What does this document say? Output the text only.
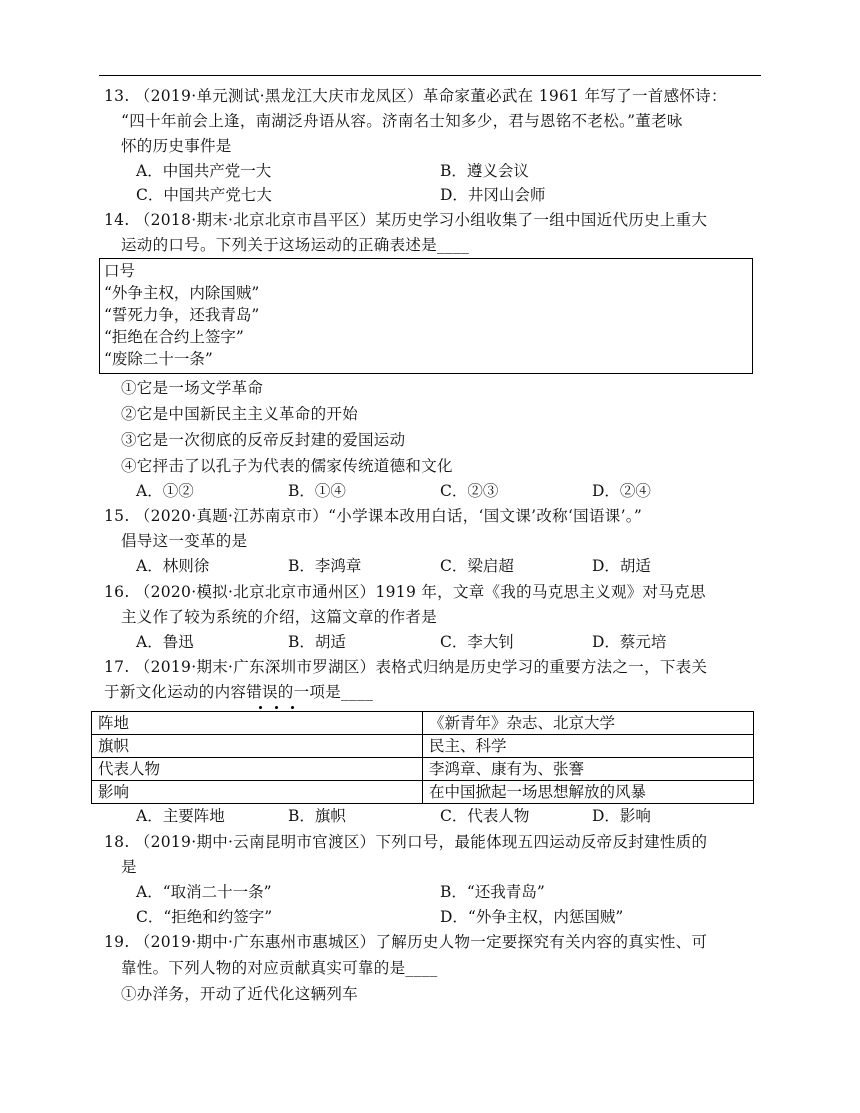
13. （2019·单元测试·黑龙江大庆市龙凤区）革命家董必武在 1961 年写了一首感怀诗：
“四十年前会上逢，南湖泛舟语从容。济南名士知多少，君与恩铭不老松。”董老咏
怀的历史事件是
A．中国共产党一大	B．遵义会议
C．中国共产党七大	D．井冈山会师
14. （2018·期末·北京北京市昌平区）某历史学习小组收集了一组中国近代历史上重大
运动的口号。下列关于这场运动的正确表述是____
口号
“外争主权，内除国贼”
“誓死力争，还我青岛”
“拒绝在合约上签字”
“废除二十一条”
①它是一场文学革命
②它是中国新民主主义革命的开始
③它是一次彻底的反帝反封建的爱国运动
④它抨击了以孔子为代表的儒家传统道德和文化
A．①②	B．①④	C．②③	D．②④
15. （2020·真题·江苏南京市）“小学课本改用白话，‘国文课’改称‘国语课’。”
倡导这一变革的是
A．林则徐	B．李鸿章	C．梁启超	D．胡适
16. （2020·模拟·北京北京市通州区）1919 年，文章《我的马克思主义观》对马克思
主义作了较为系统的介绍，这篇文章的作者是
A．鲁迅	B．胡适	C．李大钊	D．蔡元培
17. （2019·期末·广东深圳市罗湖区）表格式归纳是历史学习的重要方法之一，下表关
于新文化运动的内容错误的一项是____
阵地	《新青年》杂志、北京大学
旗帜	民主、科学
代表人物	李鸿章、康有为、张謇
影响	在中国掀起一场思想解放的风暴
A．主要阵地	B．旗帜	C．代表人物	D．影响
18. （2019·期中·云南昆明市官渡区）下列口号，最能体现五四运动反帝反封建性质的
是
A．“取消二十一条”	B．“还我青岛”
C．“拒绝和约签字”	D．“外争主权，内惩国贼”
19. （2019·期中·广东惠州市惠城区）了解历史人物一定要探究有关内容的真实性、可
靠性。下列人物的对应贡献真实可靠的是____
①办洋务，开动了近代化这辆列车
